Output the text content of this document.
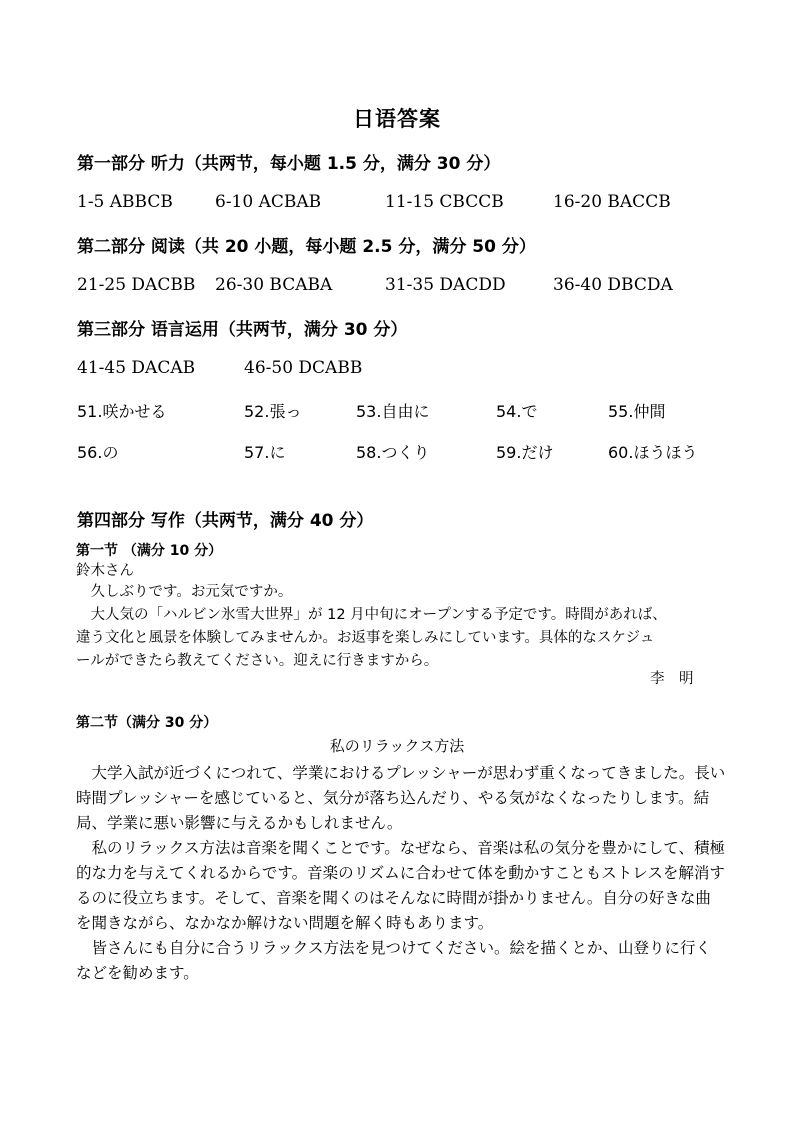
日语答案
第一部分 听力（共两节，每小题 1.5 分，满分 30 分）
1-5 ABBCB 6-10 ACBAB	11-15 CBCCB	16-20 BACCB
第二部分 阅读（共 20 小题，每小题 2.5 分，满分 50 分）
21-25 DACBB 26-30 BCABA	31-35 DACDD	36-40 DBCDA
第三部分 语言运用（共两节，满分 30 分）
41-45 DACAB	46-50 DCABB
51.咲かせる	52.張っ	53.自由に	54.で	55.仲間
56.の	57.に	58.つくり	59.だけ	60.ほうほう
第四部分 写作（共两节，满分 40 分）
第一节 （满分 10 分）
鈴木さん
　久しぶりです。お元気ですか。
　大人気の「ハルビン氷雪大世界」が 12 月中旬にオープンする予定です。時間があれば、
違う文化と風景を体験してみませんか。お返事を楽しみにしています。具体的なスケジュ
ールができたら教えてください。迎えに行きますから。
李　明
第二节（满分 30 分）
私のリラックス方法

大学入試が近づくにつれて、学業におけるプレッシャーが思わず重くなってきました。長い時間プレッシャーを感じていると、気分が落ち込んだり、やる気がなくなったりします。結局、学業に悪い影響に与えるかもしれません。

私のリラックス方法は音楽を聞くことです。なぜなら、音楽は私の気分を豊かにして、積極的な力を与えてくれるからです。音楽のリズムに合わせて体を動かすこともストレスを解消するのに役立ちます。そして、音楽を聞くのはそんなに時間が掛かりません。自分の好きな曲を聞きながら、なかなか解けない問題を解く時もあります。

皆さんにも自分に合うリラックス方法を見つけてください。絵を描くとか、山登りに行くなどを勧めます。
